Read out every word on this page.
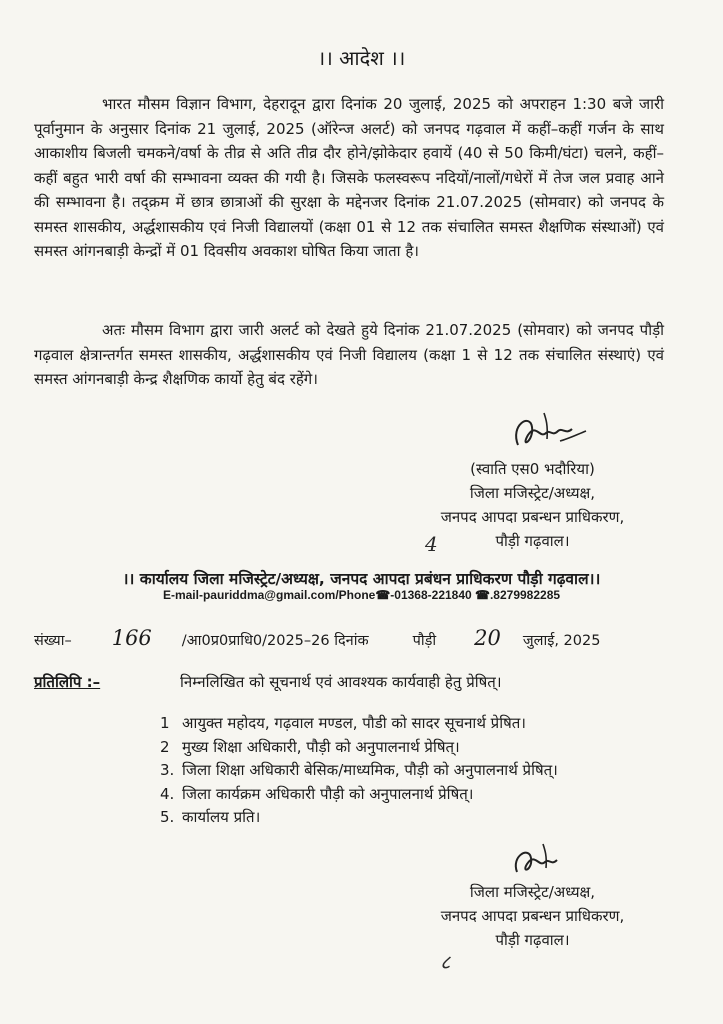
।। आदेश ।।
भारत मौसम विज्ञान विभाग, देहरादून द्वारा दिनांक 20 जुलाई, 2025 को अपराहन 1:30 बजे जारी पूर्वानुमान के अनुसार दिनांक 21 जुलाई, 2025 (ऑरेन्ज अलर्ट) को जनपद गढ़वाल में कहीं–कहीं गर्जन के साथ आकाशीय बिजली चमकने/वर्षा के तीव्र से अति तीव्र दौर होने/झोकेदार हवायें (40 से 50 किमी/घंटा) चलने, कहीं–कहीं बहुत भारी वर्षा की सम्भावना व्यक्त की गयी है। जिसके फलस्वरूप नदियों/नालों/गधेरों में तेज जल प्रवाह आने की सम्भावना है। तद्क्रम में छात्र छात्राओं की सुरक्षा के मद्देनजर दिनांक 21.07.2025 (सोमवार) को जनपद के समस्त शासकीय, अर्द्धशासकीय एवं निजी विद्यालयों (कक्षा 01 से 12 तक संचालित समस्त शैक्षणिक संस्थाओं) एवं समस्त आंगनबाड़ी केन्द्रों में 01 दिवसीय अवकाश घोषित किया जाता है।
अतः मौसम विभाग द्वारा जारी अलर्ट को देखते हुये दिनांक 21.07.2025 (सोमवार) को जनपद पौड़ी गढ़वाल क्षेत्रान्तर्गत समस्त शासकीय, अर्द्धशासकीय एवं निजी विद्यालय (कक्षा 1 से 12 तक संचालित संस्थाएं) एवं समस्त आंगनबाड़ी केन्द्र शैक्षणिक कार्यो हेतु बंद रहेंगे।
(स्वाति एस0 भदौरिया)
जिला मजिस्ट्रेट/अध्यक्ष,
जनपद आपदा प्रबन्धन प्राधिकरण,
पौड़ी गढ़वाल।
4
।। कार्यालय जिला मजिस्ट्रेट/अध्यक्ष, जनपद आपदा प्रबंधन प्राधिकरण पौड़ी गढ़वाल।।
E-mail-pauriddma@gmail.com/Phone☎-01368-221840 ☎.8279982285
संख्या– 166 /आ0प्र0प्राधि0/2025–26 दिनांक	पौड़ी 20 जुलाई, 2025
प्रतिलिपि :–	निम्नलिखित को सूचनार्थ एवं आवश्यक कार्यवाही हेतु प्रेषित्।
1 आयुक्त महोदय, गढ़वाल मण्डल, पौडी को सादर सूचनार्थ प्रेषित।
2 मुख्य शिक्षा अधिकारी, पौड़ी को अनुपालनार्थ प्रेषित्।
3. जिला शिक्षा अधिकारी बेसिक/माध्यमिक, पौड़ी को अनुपालनार्थ प्रेषित्।
4. जिला कार्यक्रम अधिकारी पौड़ी को अनुपालनार्थ प्रेषित्।
5. कार्यालय प्रति।
जिला मजिस्ट्रेट/अध्यक्ष,
जनपद आपदा प्रबन्धन प्राधिकरण,
पौड़ी गढ़वाल।
८
